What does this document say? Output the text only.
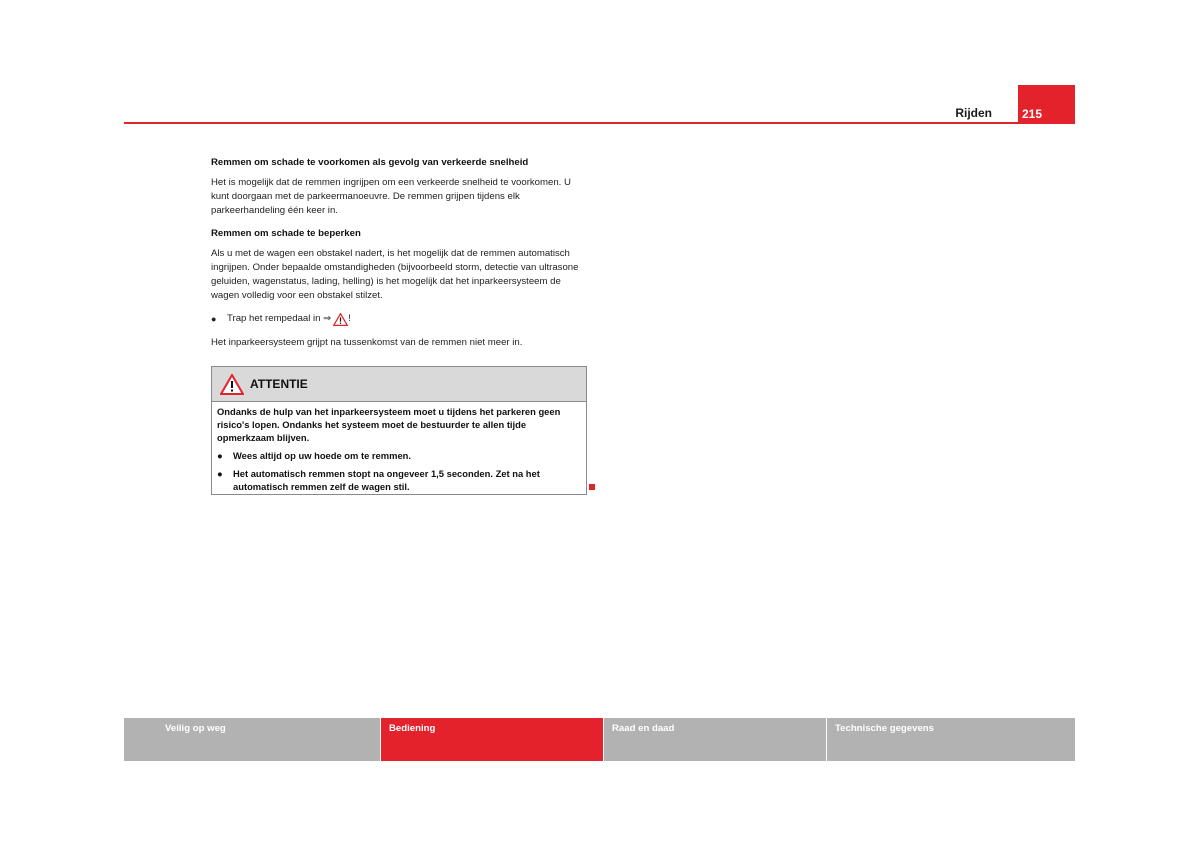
Rijden	215
Remmen om schade te voorkomen als gevolg van verkeerde snelheid

Het is mogelijk dat de remmen ingrijpen om een verkeerde snelheid te voorkomen. U kunt doorgaan met de parkeermanoeuvre. De remmen grijpen tijdens elk parkeerhandeling één keer in.

Remmen om schade te beperken

Als u met de wagen een obstakel nadert, is het mogelijk dat de remmen automatisch ingrijpen. Onder bepaalde omstandigheden (bijvoorbeeld storm, detectie van ultrasone geluiden, wagenstatus, lading, helling) is het mogelijk dat het inparkeersysteem de wagen volledig voor een obstakel stilzet.

●	Trap het rempedaal in ⇒ !

Het inparkeersysteem grijpt na tussenkomst van de remmen niet meer in.

ATTENTIE

Ondanks de hulp van het inparkeersysteem moet u tijdens het parkeren geen risico's lopen. Ondanks het systeem moet de bestuurder te allen tijde opmerkzaam blijven.

●	Wees altijd op uw hoede om te remmen.
●	Het automatisch remmen stopt na ongeveer 1,5 seconden. Zet na het automatisch remmen zelf de wagen stil.
Veilig op weg	Bediening	Raad en daad	Technische gegevens
